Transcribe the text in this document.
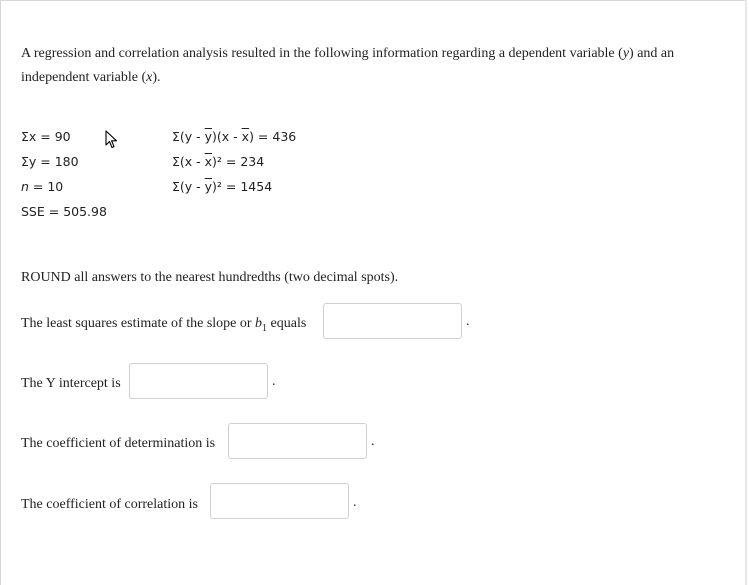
A regression and correlation analysis resulted in the following information regarding a dependent variable (y) and an independent variable (x).
Σx = 90
Σy = 180
n = 10
SSE = 505.98
$\Sigma(y - \overline{y})(x - \overline{x}) = 436$
$\Sigma(x - \overline{x})^2 = 234$
$\Sigma(y - \overline{y})^2 = 1454$
ROUND all answers to the nearest hundredths (two decimal spots).
The least squares estimate of the slope or $b_1$ equals	.
The Y intercept is	.
The coefficient of determination is	.
The coefficient of correlation is	.
